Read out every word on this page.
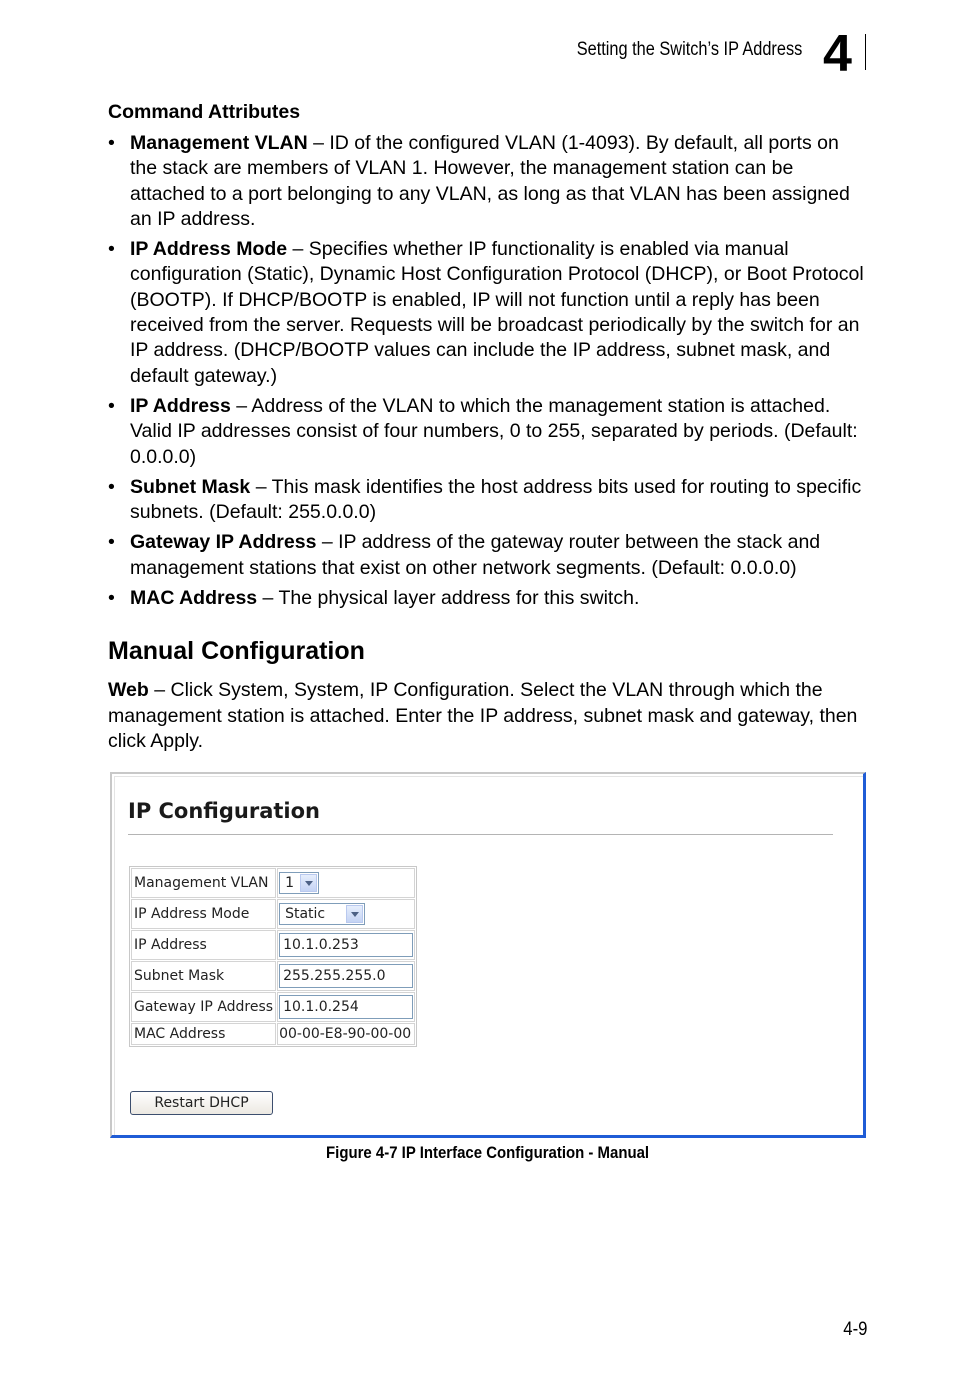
Setting the Switch’s IP Address 4
Command Attributes
• Management VLAN – ID of the configured VLAN (1-4093). By default, all ports on the stack are members of VLAN 1. However, the management station can be attached to a port belonging to any VLAN, as long as that VLAN has been assigned an IP address.
• IP Address Mode – Specifies whether IP functionality is enabled via manual configuration (Static), Dynamic Host Configuration Protocol (DHCP), or Boot Protocol (BOOTP). If DHCP/BOOTP is enabled, IP will not function until a reply has been received from the server. Requests will be broadcast periodically by the switch for an IP address. (DHCP/BOOTP values can include the IP address, subnet mask, and default gateway.)
• IP Address – Address of the VLAN to which the management station is attached. Valid IP addresses consist of four numbers, 0 to 255, separated by periods. (Default: 0.0.0.0)
• Subnet Mask – This mask identifies the host address bits used for routing to specific subnets. (Default: 255.0.0.0)
• Gateway IP Address – IP address of the gateway router between the stack and management stations that exist on other network segments. (Default: 0.0.0.0)
• MAC Address – The physical layer address for this switch.
Manual Configuration

Web – Click System, System, IP Configuration. Select the VLAN through which the management station is attached. Enter the IP address, subnet mask and gateway, then click Apply.

IP Configuration
Management VLAN	1

IP Address Mode	Static

IP Address	10.1.0.253

Subnet Mask	255.255.255.0

Gateway IP Address	10.1.0.254

MAC Address	00-00-E8-90-00-00
Restart DHCP
Figure 4-7 IP Interface Configuration - Manual
4-9
